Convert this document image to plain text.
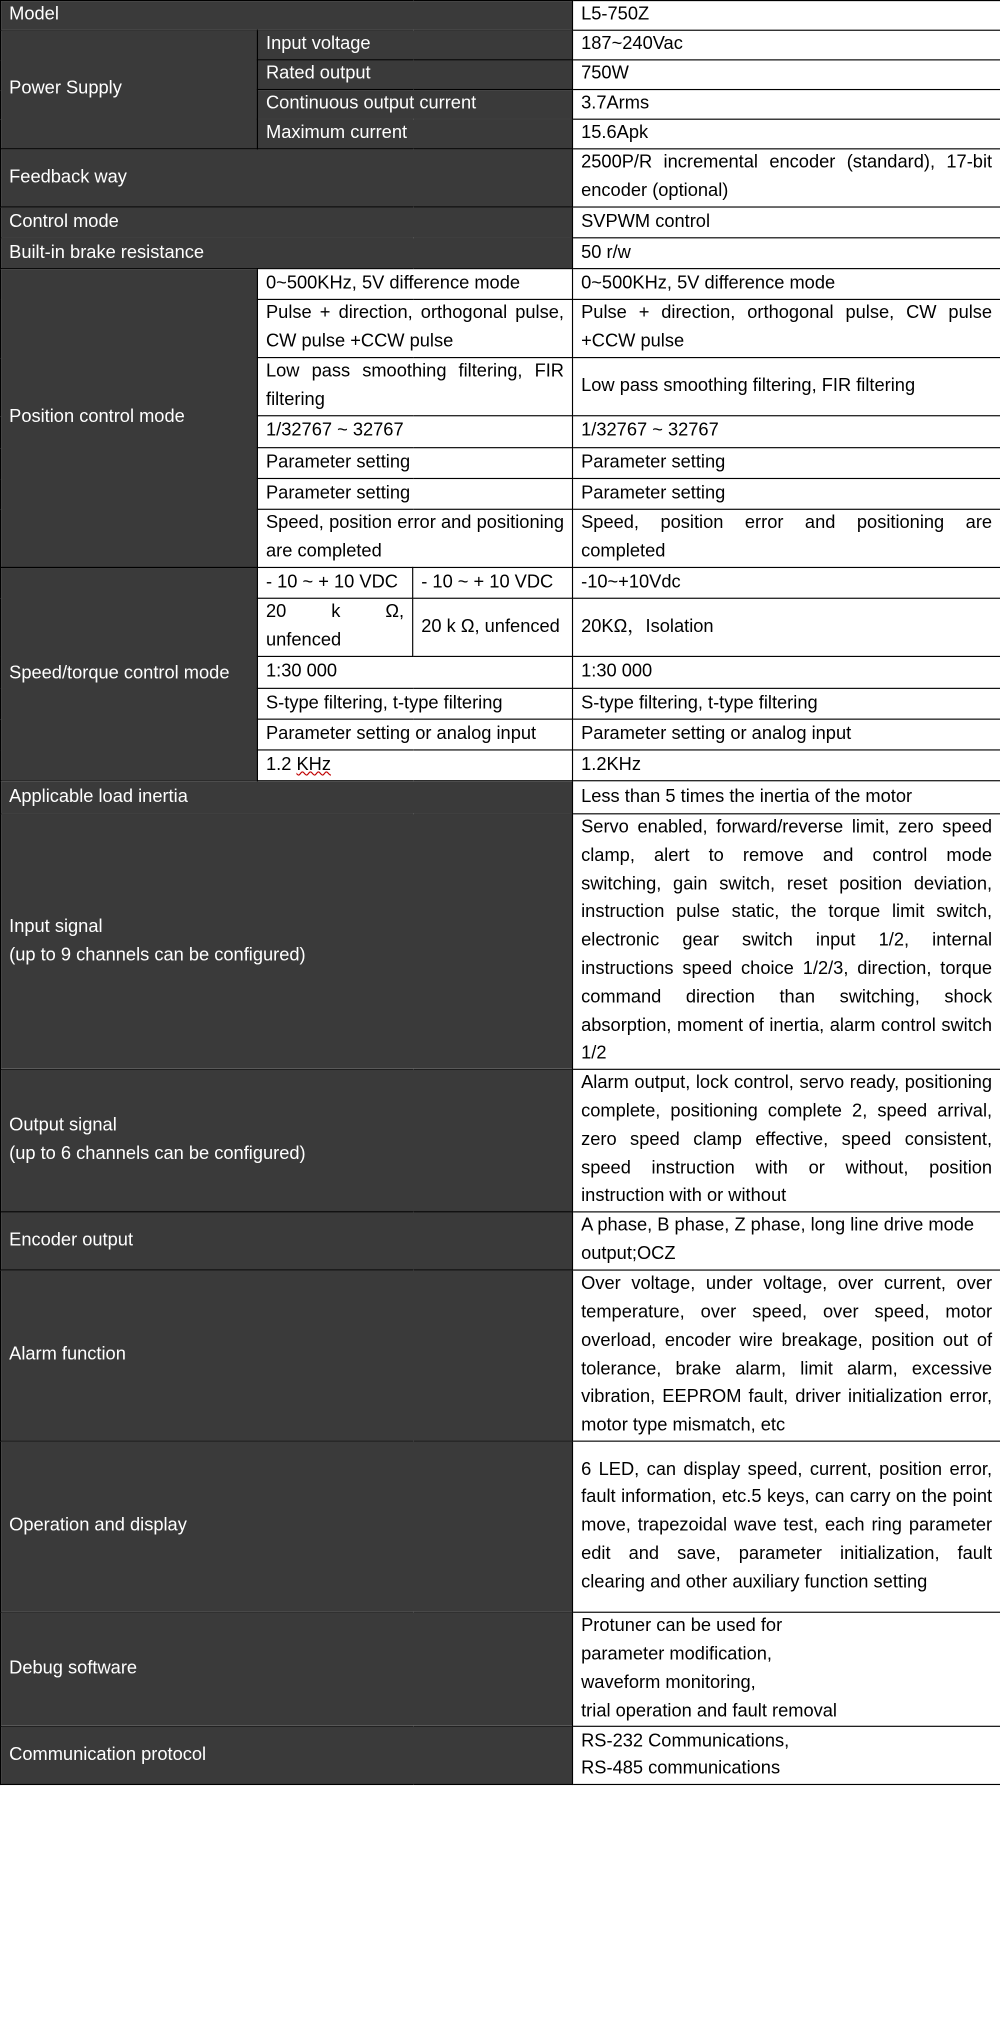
Model			L5-750Z
Power Supply	Input voltage		187~240Vac
	Rated output		750W
	Continuous output current		3.7Arms
	Maximum current		15.6Apk
Feedback way			2500P/R incremental encoder (standard), 17-bit encoder (optional)
Control mode			SVPWM control
Built-in brake resistance			50 r/w
Position control mode	0~500KHz, 5V difference mode		0~500KHz, 5V difference mode
	Pulse + direction, orthogonal pulse, CW pulse +CCW pulse		Pulse + direction, orthogonal pulse, CW pulse +CCW pulse
	Low pass smoothing filtering, FIR filtering		Low pass smoothing filtering, FIR filtering
	1/32767 ~ 32767		1/32767 ~ 32767
	Parameter setting		Parameter setting
	Parameter setting		Parameter setting
	Speed, position error and positioning are completed		Speed, position error and positioning are completed
Speed/torque control mode	- 10 ~ + 10 VDC	- 10 ~ + 10 VDC	-10~+10Vdc
	20 k Ω, unfenced	20 k Ω, unfenced	20KΩ，Isolation
	1:30 000		1:30 000
	S-type filtering, t-type filtering		S-type filtering, t-type filtering
	Parameter setting or analog input		Parameter setting or analog input
	1.2 KHz		1.2KHz
Applicable load inertia			Less than 5 times the inertia of the motor

Input signal
(up to 9 channels can be configured)			Servo enabled, forward/reverse limit, zero speed clamp, alert to remove and control mode switching, gain switch, reset position deviation, instruction pulse static, the torque limit switch, electronic gear switch input 1/2, internal instructions speed choice 1/2/3, direction, torque command direction than switching, shock absorption, moment of inertia, alarm control switch 1/2

Output signal
(up to 6 channels can be configured)			Alarm output, lock control, servo ready, positioning complete, positioning complete 2, speed arrival, zero speed clamp effective, speed consistent, speed instruction with or without, position instruction with or without
Encoder output			A phase, B phase, Z phase, long line drive mode output;OCZ
Alarm function			Over voltage, under voltage, over current, over temperature, over speed, over speed, motor overload, encoder wire breakage, position out of tolerance, brake alarm, limit alarm, excessive vibration, EEPROM fault, driver initialization error, motor type mismatch, etc
Operation and display			6 LED, can display speed, current, position error, fault information, etc.5 keys, can carry on the point move, trapezoidal wave test, each ring parameter edit and save, parameter initialization, fault clearing and other auxiliary function setting
Debug software			Protuner can be used for
parameter modification,
waveform monitoring,
trial operation and fault removal

Communication protocol			RS-232 Communications,
RS-485 communications
